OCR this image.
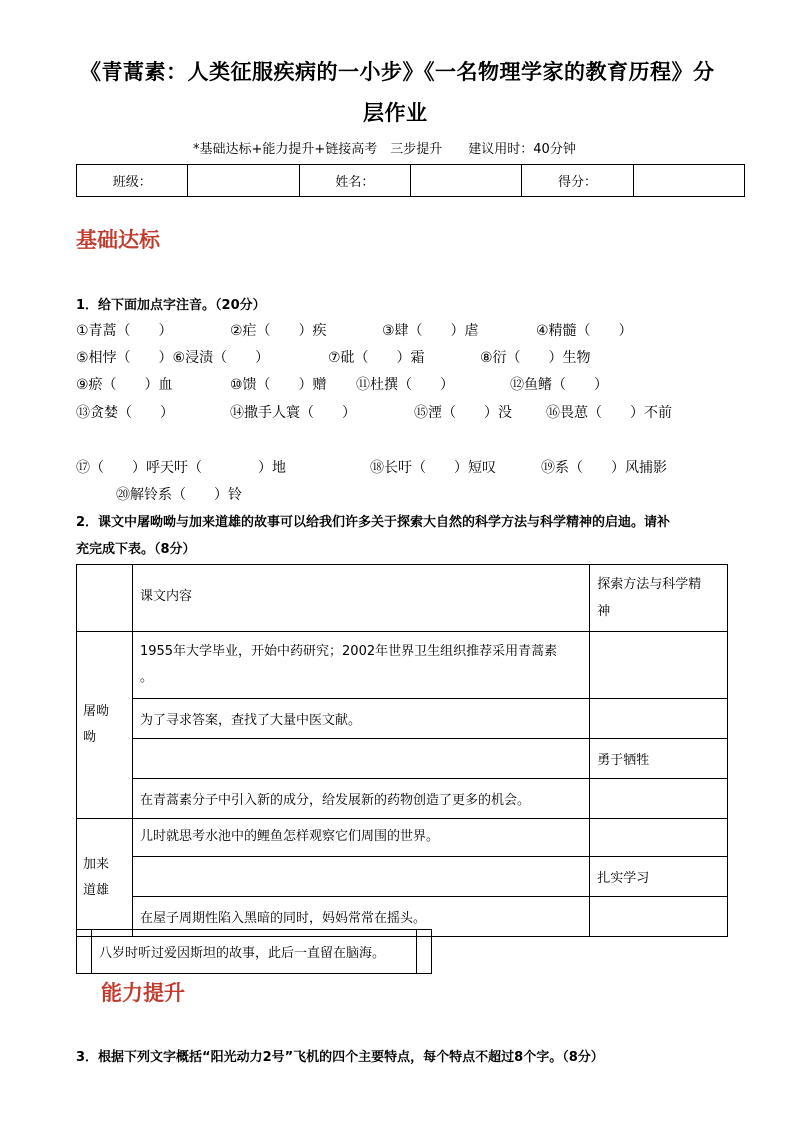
《青蒿素：人类征服疾病的一小步》《一名物理学家的教育历程》分
层作业
*基础达标+能力提升+链接高考　三步提升　　建议用时：40分钟
班级：		姓名：		得分：	
基础达标
1．给下面加点字注音。（20分）
①青蒿（　　）	②疟（　　）疾	③肆（　　）虐	④精髓（　　）
⑤相悖（　　）⑥浸渍（　　）	⑦砒（　　）霜	⑧衍（　　）生物
⑨瘀（　　）血	⑩馈（　　）赠 ⑪杜撰（　　）	⑫鱼鳍（　　）
⑬贪婪（　　）	⑭撒手人寰（　　）	⑮湮（　　）没 ⑯畏葸（　　）不前
⑰（　　）呼天吁（　　　　）地	⑱长吁（　　）短叹	⑲系（　　）风捕影
⑳解铃系（　　）铃
2．课文中屠呦呦与加来道雄的故事可以给我们许多关于探索大自然的科学方法与科学精神的启迪。请补
充完成下表。（8分）

	课文内容	探索方法与科学精
神

屠呦呦	1955年大学毕业，开始中药研究；2002年世界卫生组织推荐采用青蒿素
。	

	为了寻求答案，查找了大量中医文献。	

		勇于牺牲

	在青蒿素分子中引入新的成分，给发展新的药物创造了更多的机会。	

加来道雄	儿时就思考水池中的鲤鱼怎样观察它们周围的世界。	

		扎实学习

	在屋子周期性陷入黑暗的同时，妈妈常常在摇头。	

八岁时听过爱因斯坦的故事，此后一直留在脑海。

能力提升
3．根据下列文字概括“阳光动力2号”飞机的四个主要特点，每个特点不超过8个字。（8分）
